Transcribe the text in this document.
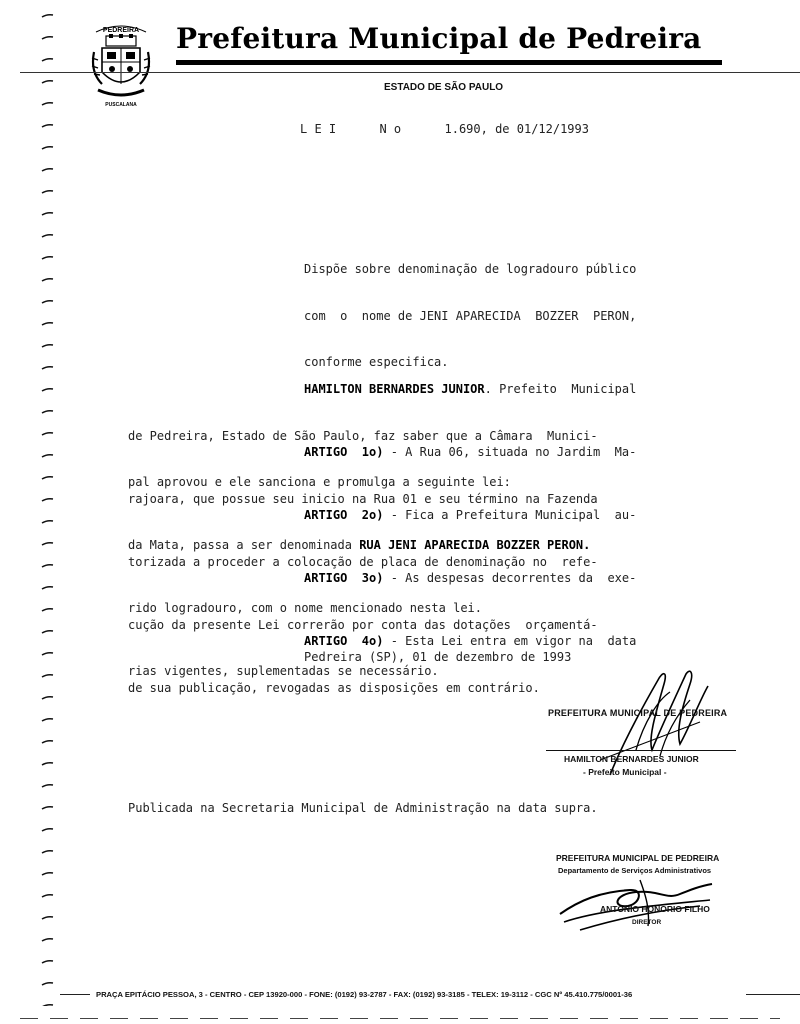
PEDREIRA
PUSCALANA
Prefeitura Municipal de Pedreira
ESTADO DE SÃO PAULO
L E I      N o      1.690, de 01/12/1993

Dispõe sobre denominação de logradouro público

com  o  nome de JENI APARECIDA  BOZZER  PERON,

conforme especifica.

HAMILTON BERNARDES JUNIOR. Prefeito  Municipal

de Pedreira, Estado de São Paulo, faz saber que a Câmara  Munici-

pal aprovou e ele sanciona e promulga a seguinte lei:

ARTIGO  1o) - A Rua 06, situada no Jardim  Ma-

rajoara, que possue seu inicio na Rua 01 e seu término na Fazenda

da Mata, passa a ser denominada RUA JENI APARECIDA BOZZER PERON.

ARTIGO  2o) - Fica a Prefeitura Municipal  au-

torizada a proceder a colocação de placa de denominação no  refe-

rido logradouro, com o nome mencionado nesta lei.

ARTIGO  3o) - As despesas decorrentes da  exe-

cução da presente Lei correrão por conta das dotações  orçamentá-

rias vigentes, suplementadas se necessário.

ARTIGO  4o) - Esta Lei entra em vigor na  data

de sua publicação, revogadas as disposições em contrário.

Pedreira (SP), 01 de dezembro de 1993
PREFEITURA MUNICIPAL DE PEDREIRA
HAMILTON BERNARDES JUNIOR
- Prefeito Municipal -
Publicada na Secretaria Municipal de Administração na data supra.
PREFEITURA MUNICIPAL DE PEDREIRA
Departamento de Serviços Administrativos
ANTONIO HONORIO FILHO
DIRETOR
PRAÇA EPITÁCIO PESSOA, 3 - CENTRO - CEP 13920-000 - FONE: (0192) 93-2787 - FAX: (0192) 93-3185 - TELEX: 19-3112 - CGC Nº 45.410.775/0001-36
